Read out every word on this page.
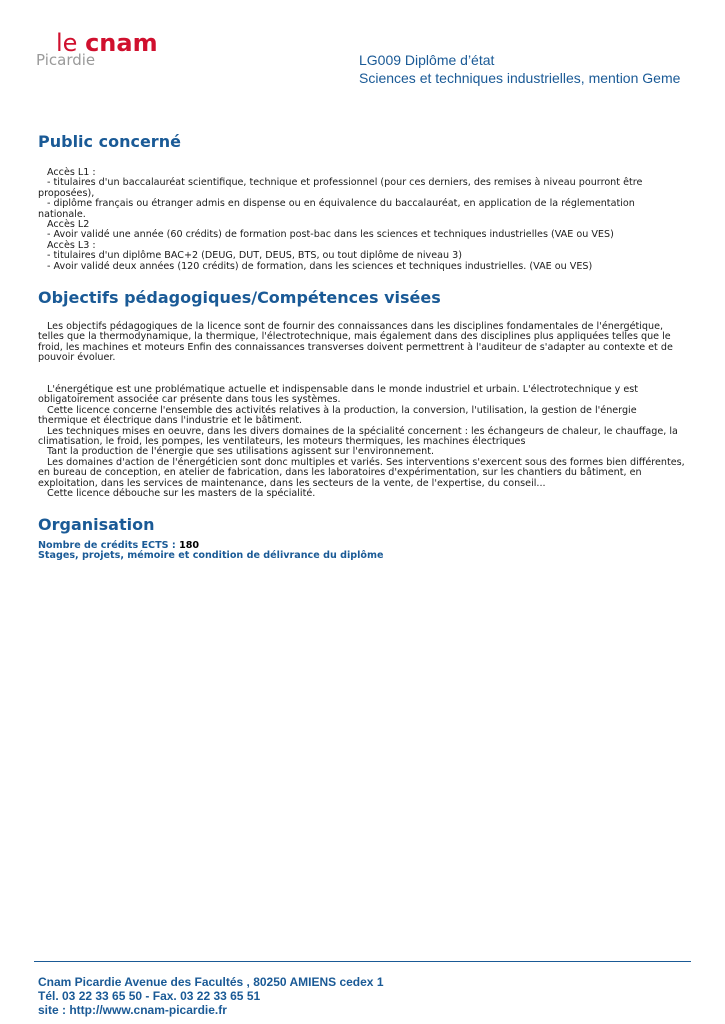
le cnam
Picardie	LG009 Diplôme d’état
Sciences et techniques industrielles, mention Geme
Public concerné
Accès L1 :
- titulaires d'un baccalauréat scientifique, technique et professionnel (pour ces derniers, des remises à niveau pourront être
proposées),
- diplôme français ou étranger admis en dispense ou en équivalence du baccalauréat, en application de la réglementation
nationale.
Accès L2
- Avoir validé une année (60 crédits) de formation post-bac dans les sciences et techniques industrielles (VAE ou VES)
Accès L3 :
- titulaires d'un diplôme BAC+2 (DEUG, DUT, DEUS, BTS, ou tout diplôme de niveau 3)
- Avoir validé deux années (120 crédits) de formation, dans les sciences et techniques industrielles. (VAE ou VES)
Objectifs pédagogiques/Compétences visées
Les objectifs pédagogiques de la licence sont de fournir des connaissances dans les disciplines fondamentales de l'énergétique, telles que la thermodynamique, la thermique, l'électrotechnique, mais également dans des disciplines plus appliquées telles que le froid, les machines et moteurs Enfin des connaissances transverses doivent permettrent à l'auditeur de s'adapter au contexte et de pouvoir évoluer.
L'énergétique est une problématique actuelle et indispensable dans le monde industriel et urbain. L'électrotechnique y est obligatoirement associée car présente dans tous les systèmes.
Cette licence concerne l'ensemble des activités relatives à la production, la conversion, l'utilisation, la gestion de l'énergie thermique et électrique dans l'industrie et le bâtiment.
Les techniques mises en oeuvre, dans les divers domaines de la spécialité concernent : les échangeurs de chaleur, le chauffage, la climatisation, le froid, les pompes, les ventilateurs, les moteurs thermiques, les machines électriques
Tant la production de l'énergie que ses utilisations agissent sur l'environnement.
Les domaines d'action de l'énergéticien sont donc multiples et variés. Ses interventions s'exercent sous des formes bien différentes, en bureau de conception, en atelier de fabrication, dans les laboratoires d'expérimentation, sur les chantiers du bâtiment, en exploitation, dans les services de maintenance, dans les secteurs de la vente, de l'expertise, du conseil...
Cette licence débouche sur les masters de la spécialité.
Organisation
Nombre de crédits ECTS : 180
Stages, projets, mémoire et condition de délivrance du diplôme
Cnam Picardie Avenue des Facultés , 80250 AMIENS cedex 1
Tél. 03 22 33 65 50 - Fax. 03 22 33 65 51
site : http://www.cnam-picardie.fr
